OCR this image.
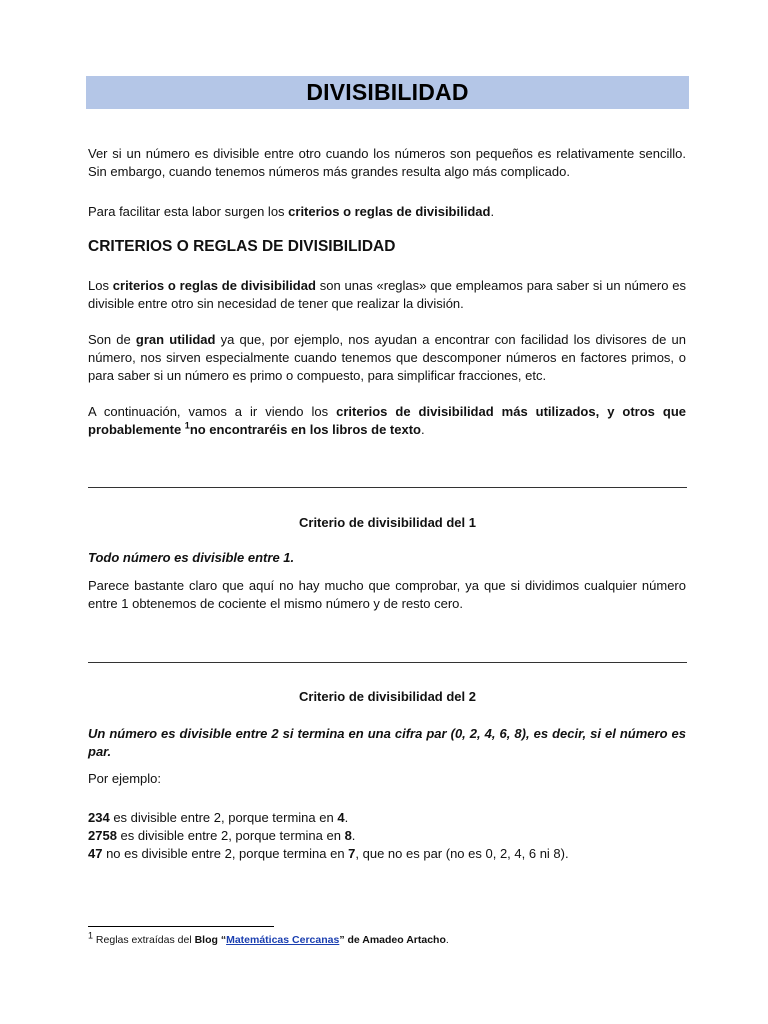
DIVISIBILIDAD

Ver si un número es divisible entre otro cuando los números son pequeños es relativamente sencillo. Sin embargo, cuando tenemos números más grandes resulta algo más complicado.

Para facilitar esta labor surgen los criterios o reglas de divisibilidad.

CRITERIOS O REGLAS DE DIVISIBILIDAD

Los criterios o reglas de divisibilidad son unas «reglas» que empleamos para saber si un número es divisible entre otro sin necesidad de tener que realizar la división.

Son de gran utilidad ya que, por ejemplo, nos ayudan a encontrar con facilidad los divisores de un número, nos sirven especialmente cuando tenemos que descomponer números en factores primos, o para saber si un número es primo o compuesto, para simplificar fracciones, etc.

A continuación, vamos a ir viendo los criterios de divisibilidad más utilizados, y otros que probablemente $^1$no encontraréis en los libros de texto.

Criterio de divisibilidad del 1

Todo número es divisible entre 1.

Parece bastante claro que aquí no hay mucho que comprobar, ya que si dividimos cualquier número entre 1 obtenemos de cociente el mismo número y de resto cero.

Criterio de divisibilidad del 2

Un número es divisible entre 2 si termina en una cifra par (0, 2, 4, 6, 8), es decir, si el número es par.

Por ejemplo:

234 es divisible entre 2, porque termina en 4.
2758 es divisible entre 2, porque termina en 8.
47 no es divisible entre 2, porque termina en 7, que no es par (no es 0, 2, 4, 6 ni 8).
$^1$ Reglas extraídas del Blog “Matemáticas Cercanas” de Amadeo Artacho.
